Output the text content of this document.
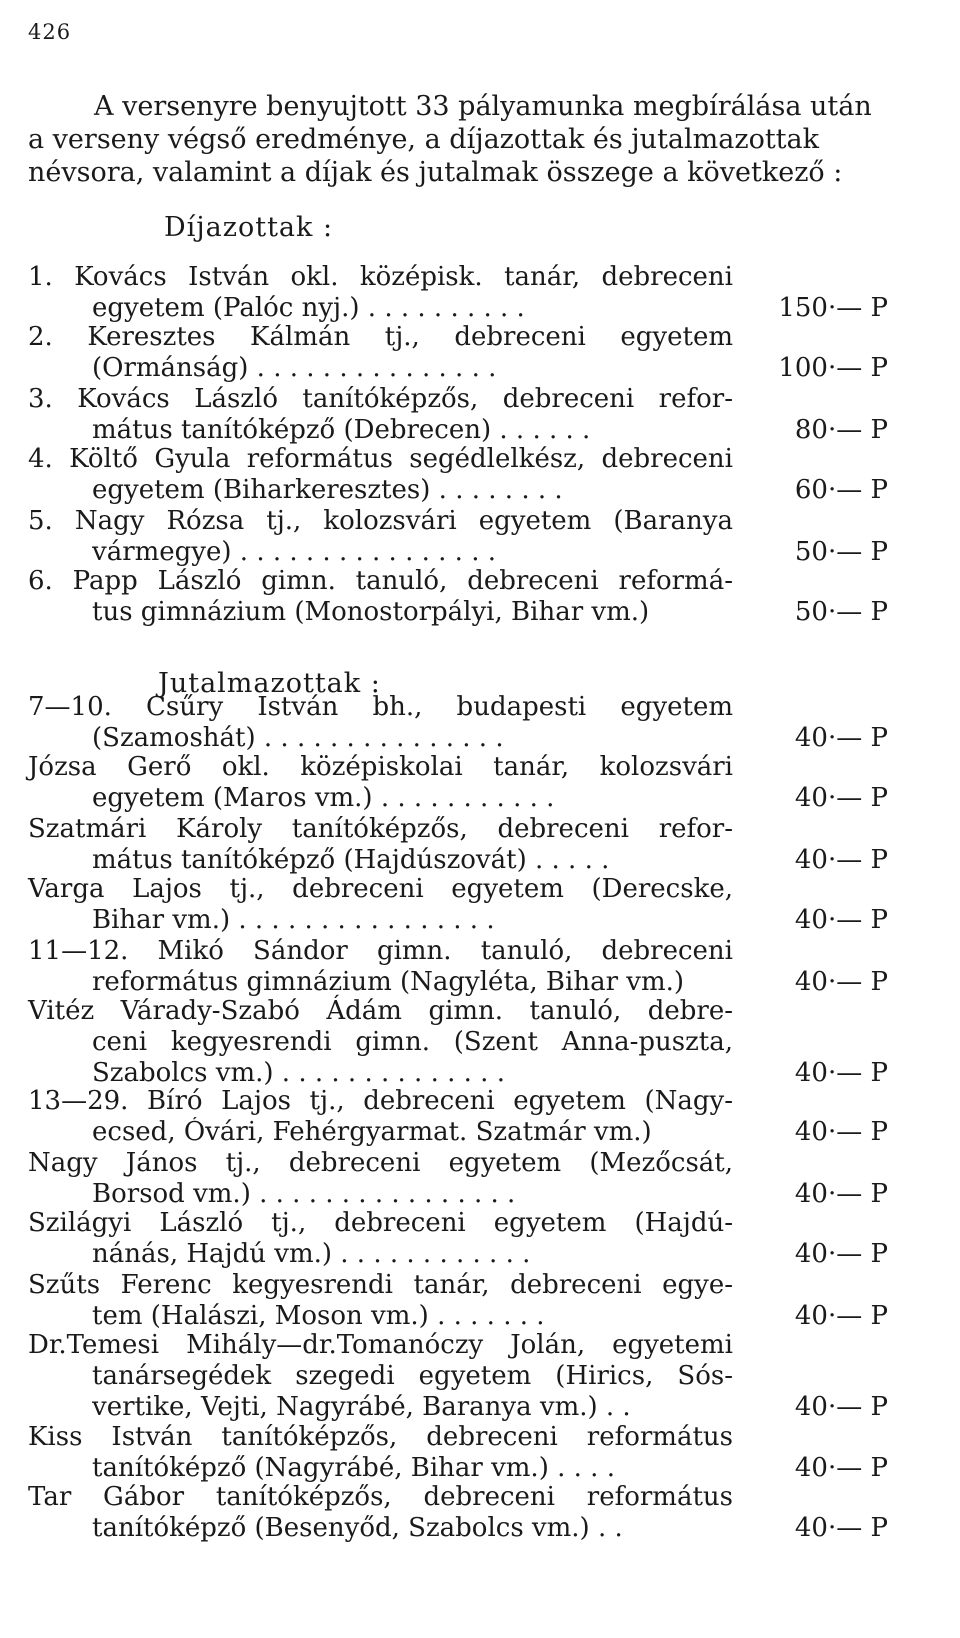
426
A versenyre benyujtott 33 pályamunka megbírálása után
a verseny végső eredménye, a díjazottak és jutalmazottak
névsora, valamint a díjak és jutalmak összege a következő :
Díjazottak :
Jutalmazottak :
1. Kovács István okl. középisk. tanár, debreceni
egyetem (Palóc nyj.) . . . . . . . . . .	150·— P
2. Keresztes Kálmán tj., debreceni egyetem
(Ormánság) . . . . . . . . . . . . . . .	100·— P
3. Kovács László tanítóképzős, debreceni refor-
mátus tanítóképző (Debrecen) . . . . . .	80·— P
4. Költő Gyula református segédlelkész, debreceni
egyetem (Biharkeresztes) . . . . . . . .	60·— P
5. Nagy Rózsa tj., kolozsvári egyetem (Baranya
vármegye) . . . . . . . . . . . . . . . .	50·— P
6. Papp László gimn. tanuló, debreceni reformá-
tus gimnázium (Monostorpályi, Bihar vm.)	50·— P
7—10. Csűry István bh., budapesti egyetem
(Szamoshát) . . . . . . . . . . . . . . .	40·— P
Józsa Gerő okl. középiskolai tanár, kolozsvári
egyetem (Maros vm.) . . . . . . . . . . .	40·— P
Szatmári Károly tanítóképzős, debreceni refor-
mátus tanítóképző (Hajdúszovát) . . . . .	40·— P
Varga Lajos tj., debreceni egyetem (Derecske,
Bihar vm.) . . . . . . . . . . . . . . . .	40·— P
11—12. Mikó Sándor gimn. tanuló, debreceni
református gimnázium (Nagyléta, Bihar vm.)	40·— P
Vitéz Várady-Szabó Ádám gimn. tanuló, debre-
ceni kegyesrendi gimn. (Szent Anna-puszta,
Szabolcs vm.) . . . . . . . . . . . . . .	40·— P
13—29. Bíró Lajos tj., debreceni egyetem (Nagy-
ecsed, Óvári, Fehérgyarmat. Szatmár vm.)	40·— P
Nagy János tj., debreceni egyetem (Mezőcsát,
Borsod vm.) . . . . . . . . . . . . . . . .	40·— P
Szilágyi László tj., debreceni egyetem (Hajdú-
nánás, Hajdú vm.) . . . . . . . . . . . .	40·— P
Szűts Ferenc kegyesrendi tanár, debreceni egye-
tem (Halászi, Moson vm.) . . . . . . .	40·— P
Dr.Temesi Mihály—dr.Tomanóczy Jolán, egyetemi
tanársegédek szegedi egyetem (Hirics, Sós-
vertike, Vejti, Nagyrábé, Baranya vm.) . .	40·— P
Kiss István tanítóképzős, debreceni református
tanítóképző (Nagyrábé, Bihar vm.) . . . .	40·— P
Tar Gábor tanítóképzős, debreceni református
tanítóképző (Besenyőd, Szabolcs vm.) . .	40·— P
